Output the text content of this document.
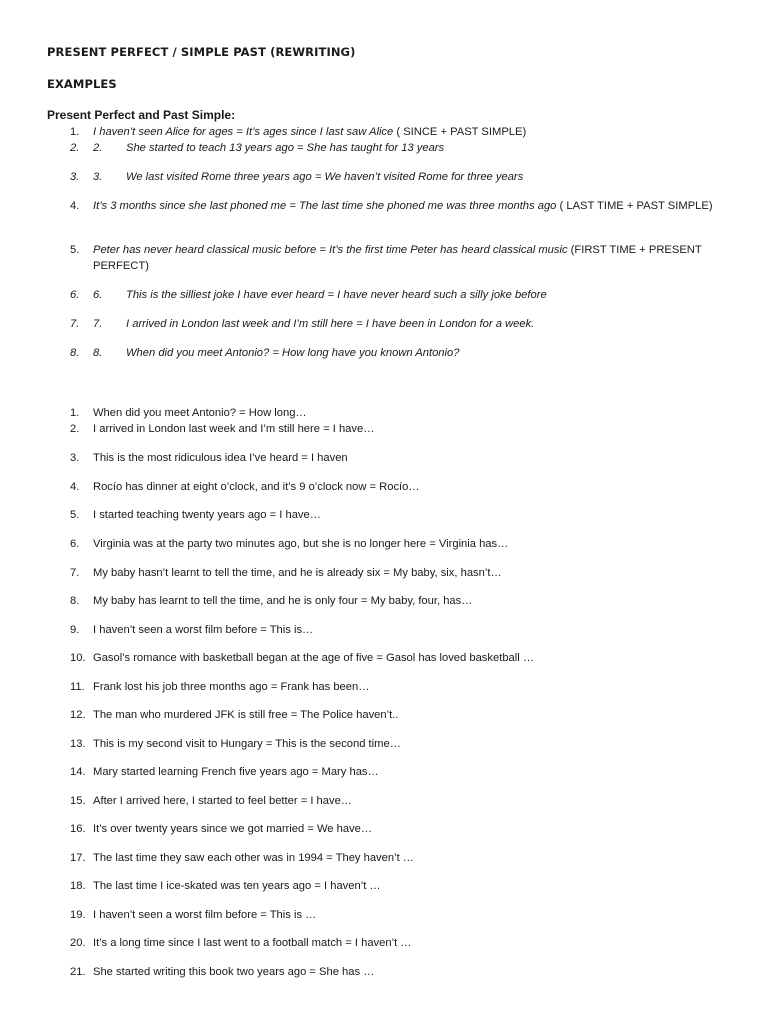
PRESENT PERFECT / SIMPLE PAST (REWRITING)
EXAMPLES
Present Perfect and Past Simple:
1. I haven’t seen Alice for ages = It’s ages since I last saw Alice ( SINCE + PAST SIMPLE)
2. 2.	She started to teach 13 years ago = She has taught for 13 years
3. 3.	We last visited Rome three years ago = We haven’t visited Rome for three years
4. It’s 3 months since she last phoned me = The last time she phoned me was three months ago ( LAST TIME + PAST SIMPLE)
5. Peter has never heard classical music before = It’s the first time Peter has heard classical music (FIRST TIME + PRESENT PERFECT)
6. 6.	This is the silliest joke I have ever heard = I have never heard such a silly joke before
7. 7.	I arrived in London last week and I’m still here = I have been in London for a week.
8. 8.	When did you meet Antonio? = How long have you known Antonio?
1. When did you meet Antonio? = How long…
2. I arrived in London last week and I’m still here = I have…
3. This is the most ridiculous idea I’ve heard = I haven
4. Rocío has dinner at eight o’clock, and it’s 9 o’clock now = Rocío…
5. I started teaching twenty years ago = I have…
6. Virginia was at the party two minutes ago, but she is no longer here = Virginia has…
7. My baby hasn’t learnt to tell the time, and he is already six = My baby, six, hasn’t…
8. My baby has learnt to tell the time, and he is only four = My baby, four, has…
9. I haven’t seen a worst film before = This is…
10. Gasol’s romance with basketball began at the age of five = Gasol has loved basketball …
11. Frank lost his job three months ago = Frank has been…
12. The man who murdered JFK is still free = The Police haven’t..
13. This is my second visit to Hungary = This is the second time…
14. Mary started learning French five years ago = Mary has…
15. After I arrived here, I started to feel better = I have…
16. It’s over twenty years since we got married = We have…
17. The last time they saw each other was in 1994 = They haven’t …
18. The last time I ice-skated was ten years ago = I haven’t …
19. I haven’t seen a worst film before = This is …
20. It’s a long time since I last went to a football match = I haven’t …
21. She started writing this book two years ago = She has …
